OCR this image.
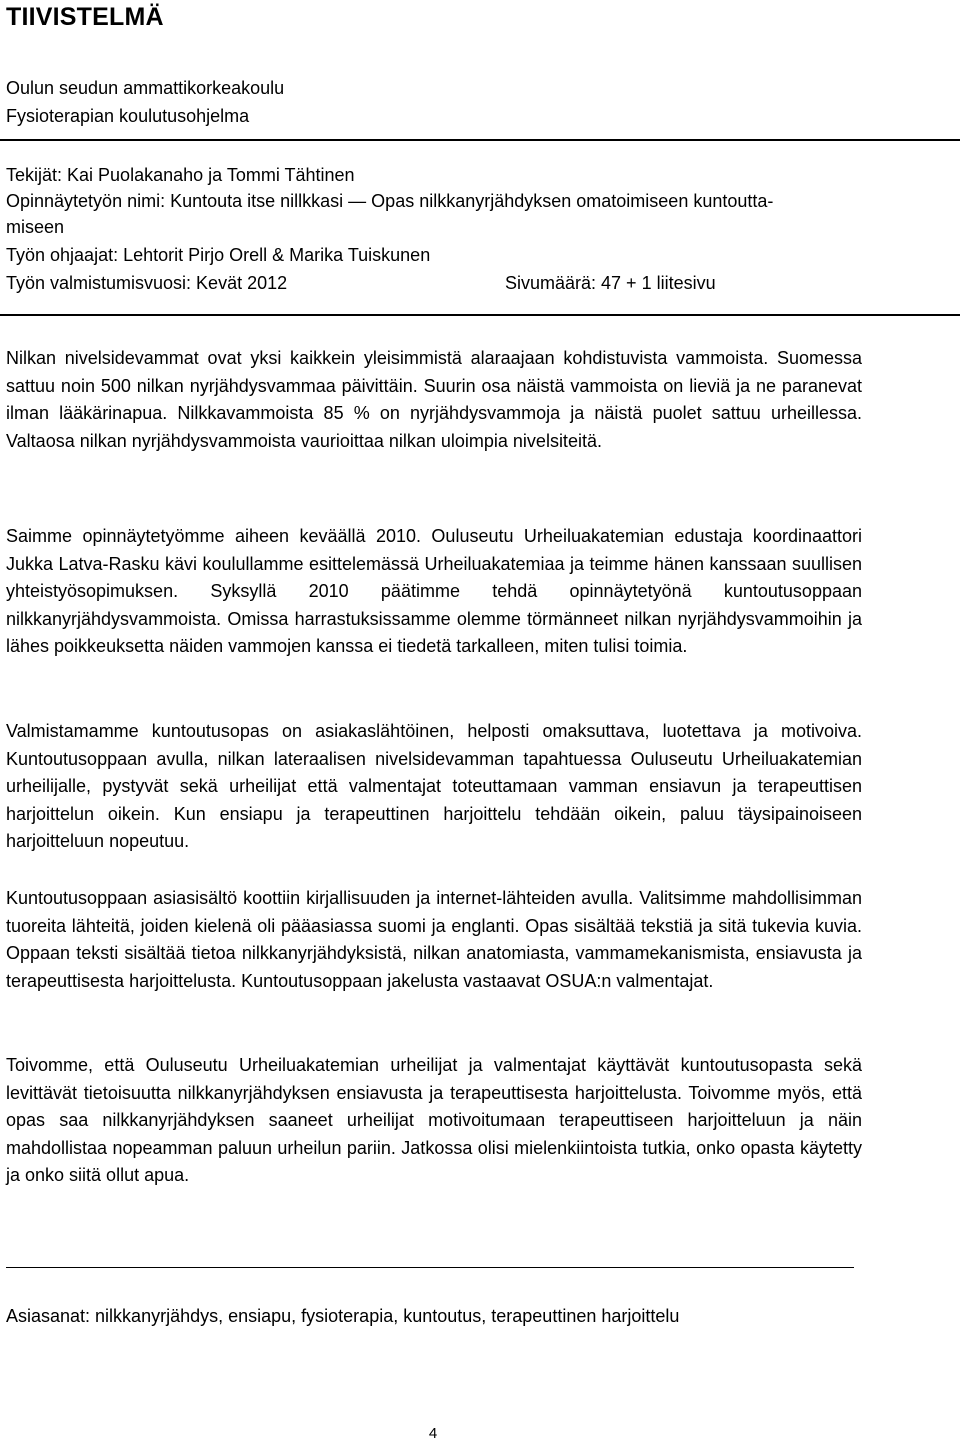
TIIVISTELMÄ
Oulun seudun ammattikorkeakoulu
Fysioterapian koulutusohjelma
Tekijät: Kai Puolakanaho ja Tommi Tähtinen
Opinnäytetyön nimi: Kuntouta itse nillkkasi — Opas nilkkanyrjähdyksen omatoimiseen kuntoutta-
miseen
Työn ohjaajat: Lehtorit Pirjo Orell & Marika Tuiskunen
Työn valmistumisvuosi: Kevät 2012	Sivumäärä: 47 + 1 liitesivu

Nilkan nivelsidevammat ovat yksi kaikkein yleisimmistä alaraajaan kohdistuvista vammoista. Suomessa sattuu noin 500 nilkan nyrjähdysvammaa päivittäin. Suurin osa näistä vammoista on lieviä ja ne paranevat ilman lääkärinapua. Nilkkavammoista 85 % on nyrjähdysvammoja ja näistä puolet sattuu urheillessa. Valtaosa nilkan nyrjähdysvammoista vaurioittaa nilkan uloimpia nivelsiteitä.

Saimme opinnäytetyömme aiheen keväällä 2010. Ouluseutu Urheiluakatemian edustaja koordinaattori Jukka Latva-Rasku kävi koulullamme esittelemässä Urheiluakatemiaa ja teimme hänen kanssaan suullisen yhteistyösopimuksen. Syksyllä 2010 päätimme tehdä opinnäytetyönä kuntoutusoppaan nilkkanyrjähdysvammoista. Omissa harrastuksissamme olemme törmänneet nilkan nyrjähdysvammoihin ja lähes poikkeuksetta näiden vammojen kanssa ei tiedetä tarkalleen, miten tulisi toimia.

Valmistamamme kuntoutusopas on asiakaslähtöinen, helposti omaksuttava, luotettava ja motivoiva. Kuntoutusoppaan avulla, nilkan lateraalisen nivelsidevamman tapahtuessa Ouluseutu Urheiluakatemian urheilijalle, pystyvät sekä urheilijat että valmentajat toteuttamaan vamman ensiavun ja terapeuttisen harjoittelun oikein. Kun ensiapu ja terapeuttinen harjoittelu tehdään oikein, paluu täysipainoiseen harjoitteluun nopeutuu.

Kuntoutusoppaan asiasisältö koottiin kirjallisuuden ja internet-lähteiden avulla. Valitsimme mahdollisimman tuoreita lähteitä, joiden kielenä oli pääasiassa suomi ja englanti. Opas sisältää tekstiä ja sitä tukevia kuvia. Oppaan teksti sisältää tietoa nilkkanyrjähdyksistä, nilkan anatomiasta, vammamekanismista, ensiavusta ja terapeuttisesta harjoittelusta. Kuntoutusoppaan jakelusta vastaavat OSUA:n valmentajat.

Toivomme, että Ouluseutu Urheiluakatemian urheilijat ja valmentajat käyttävät kuntoutusopasta sekä levittävät tietoisuutta nilkkanyrjähdyksen ensiavusta ja terapeuttisesta harjoittelusta. Toivomme myös, että opas saa nilkkanyrjähdyksen saaneet urheilijat motivoitumaan terapeuttiseen harjoitteluun ja näin mahdollistaa nopeamman paluun urheilun pariin. Jatkossa olisi mielenkiintoista tutkia, onko opasta käytetty ja onko siitä ollut apua.

Asiasanat: nilkkanyrjähdys, ensiapu, fysioterapia, kuntoutus, terapeuttinen harjoittelu
4
